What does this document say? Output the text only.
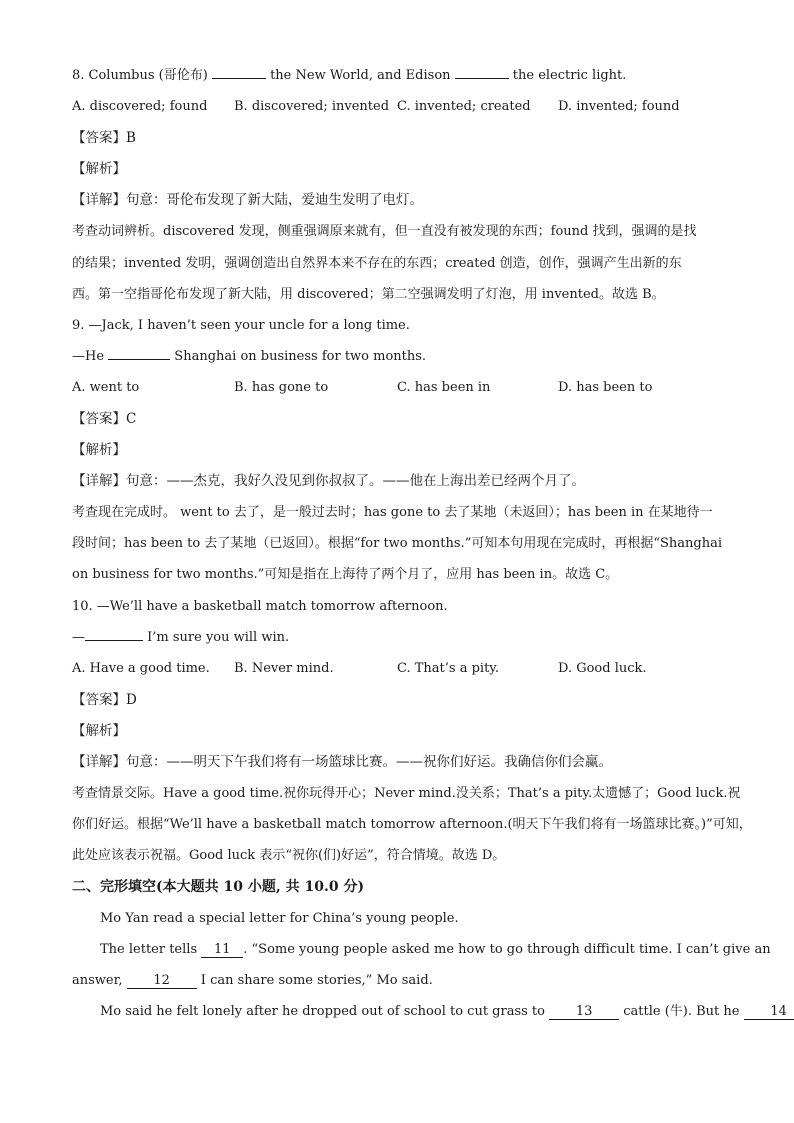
8. Columbus (哥伦布)	the New World, and Edison	the electric light.
A. discovered; found B. discovered; invented C. invented; created D. invented; found
【答案】B
【解析】
【详解】句意：哥伦布发现了新大陆，爱迪生发明了电灯。
考查动词辨析。discovered 发现，侧重强调原来就有，但一直没有被发现的东西；found 找到，强调的是找
的结果；invented 发明，强调创造出自然界本来不存在的东西；created 创造，创作，强调产生出新的东
西。第一空指哥伦布发现了新大陆，用 discovered；第二空强调发明了灯泡，用 invented。故选 B。
9. —Jack, I haven’t seen your uncle for a long time.
—He	Shanghai on business for two months.
A. went to	B. has gone to	C. has been in	D. has been to
【答案】C
【解析】
【详解】句意：——杰克，我好久没见到你叔叔了。——他在上海出差已经两个月了。
考查现在完成时。 went to 去了，是一般过去时；has gone to 去了某地（未返回）；has been in 在某地待一
段时间；has been to 去了某地（已返回）。根据“for two months.”可知本句用现在完成时，再根据“Shanghai
on business for two months.”可知是指在上海待了两个月了，应用 has been in。故选 C。
10. —We’ll have a basketball match tomorrow afternoon.
—	I’m sure you will win.
A. Have a good time. B. Never mind.	C. That’s a pity.	D. Good luck.
【答案】D
【解析】
【详解】句意：——明天下午我们将有一场篮球比赛。——祝你们好运。我确信你们会赢。
考查情景交际。Have a good time.祝你玩得开心；Never mind.没关系；That’s a pity.太遗憾了；Good luck.祝
你们好运。根据“We’ll have a basketball match tomorrow afternoon.(明天下午我们将有一场篮球比赛。)”可知，
此处应该表示祝福。Good luck 表示“祝你(们)好运”，符合情境。故选 D。
二、完形填空(本大题共 10 小题, 共 10.0 分)
Mo Yan read a special letter for China’s young people.
The letter tells 11 . “Some young people asked me how to go through difficult time. I can’t give an
answer, 12 I can share some stories,” Mo said.
Mo said he felt lonely after he dropped out of school to cut grass to 13 cattle (牛). But he 14
